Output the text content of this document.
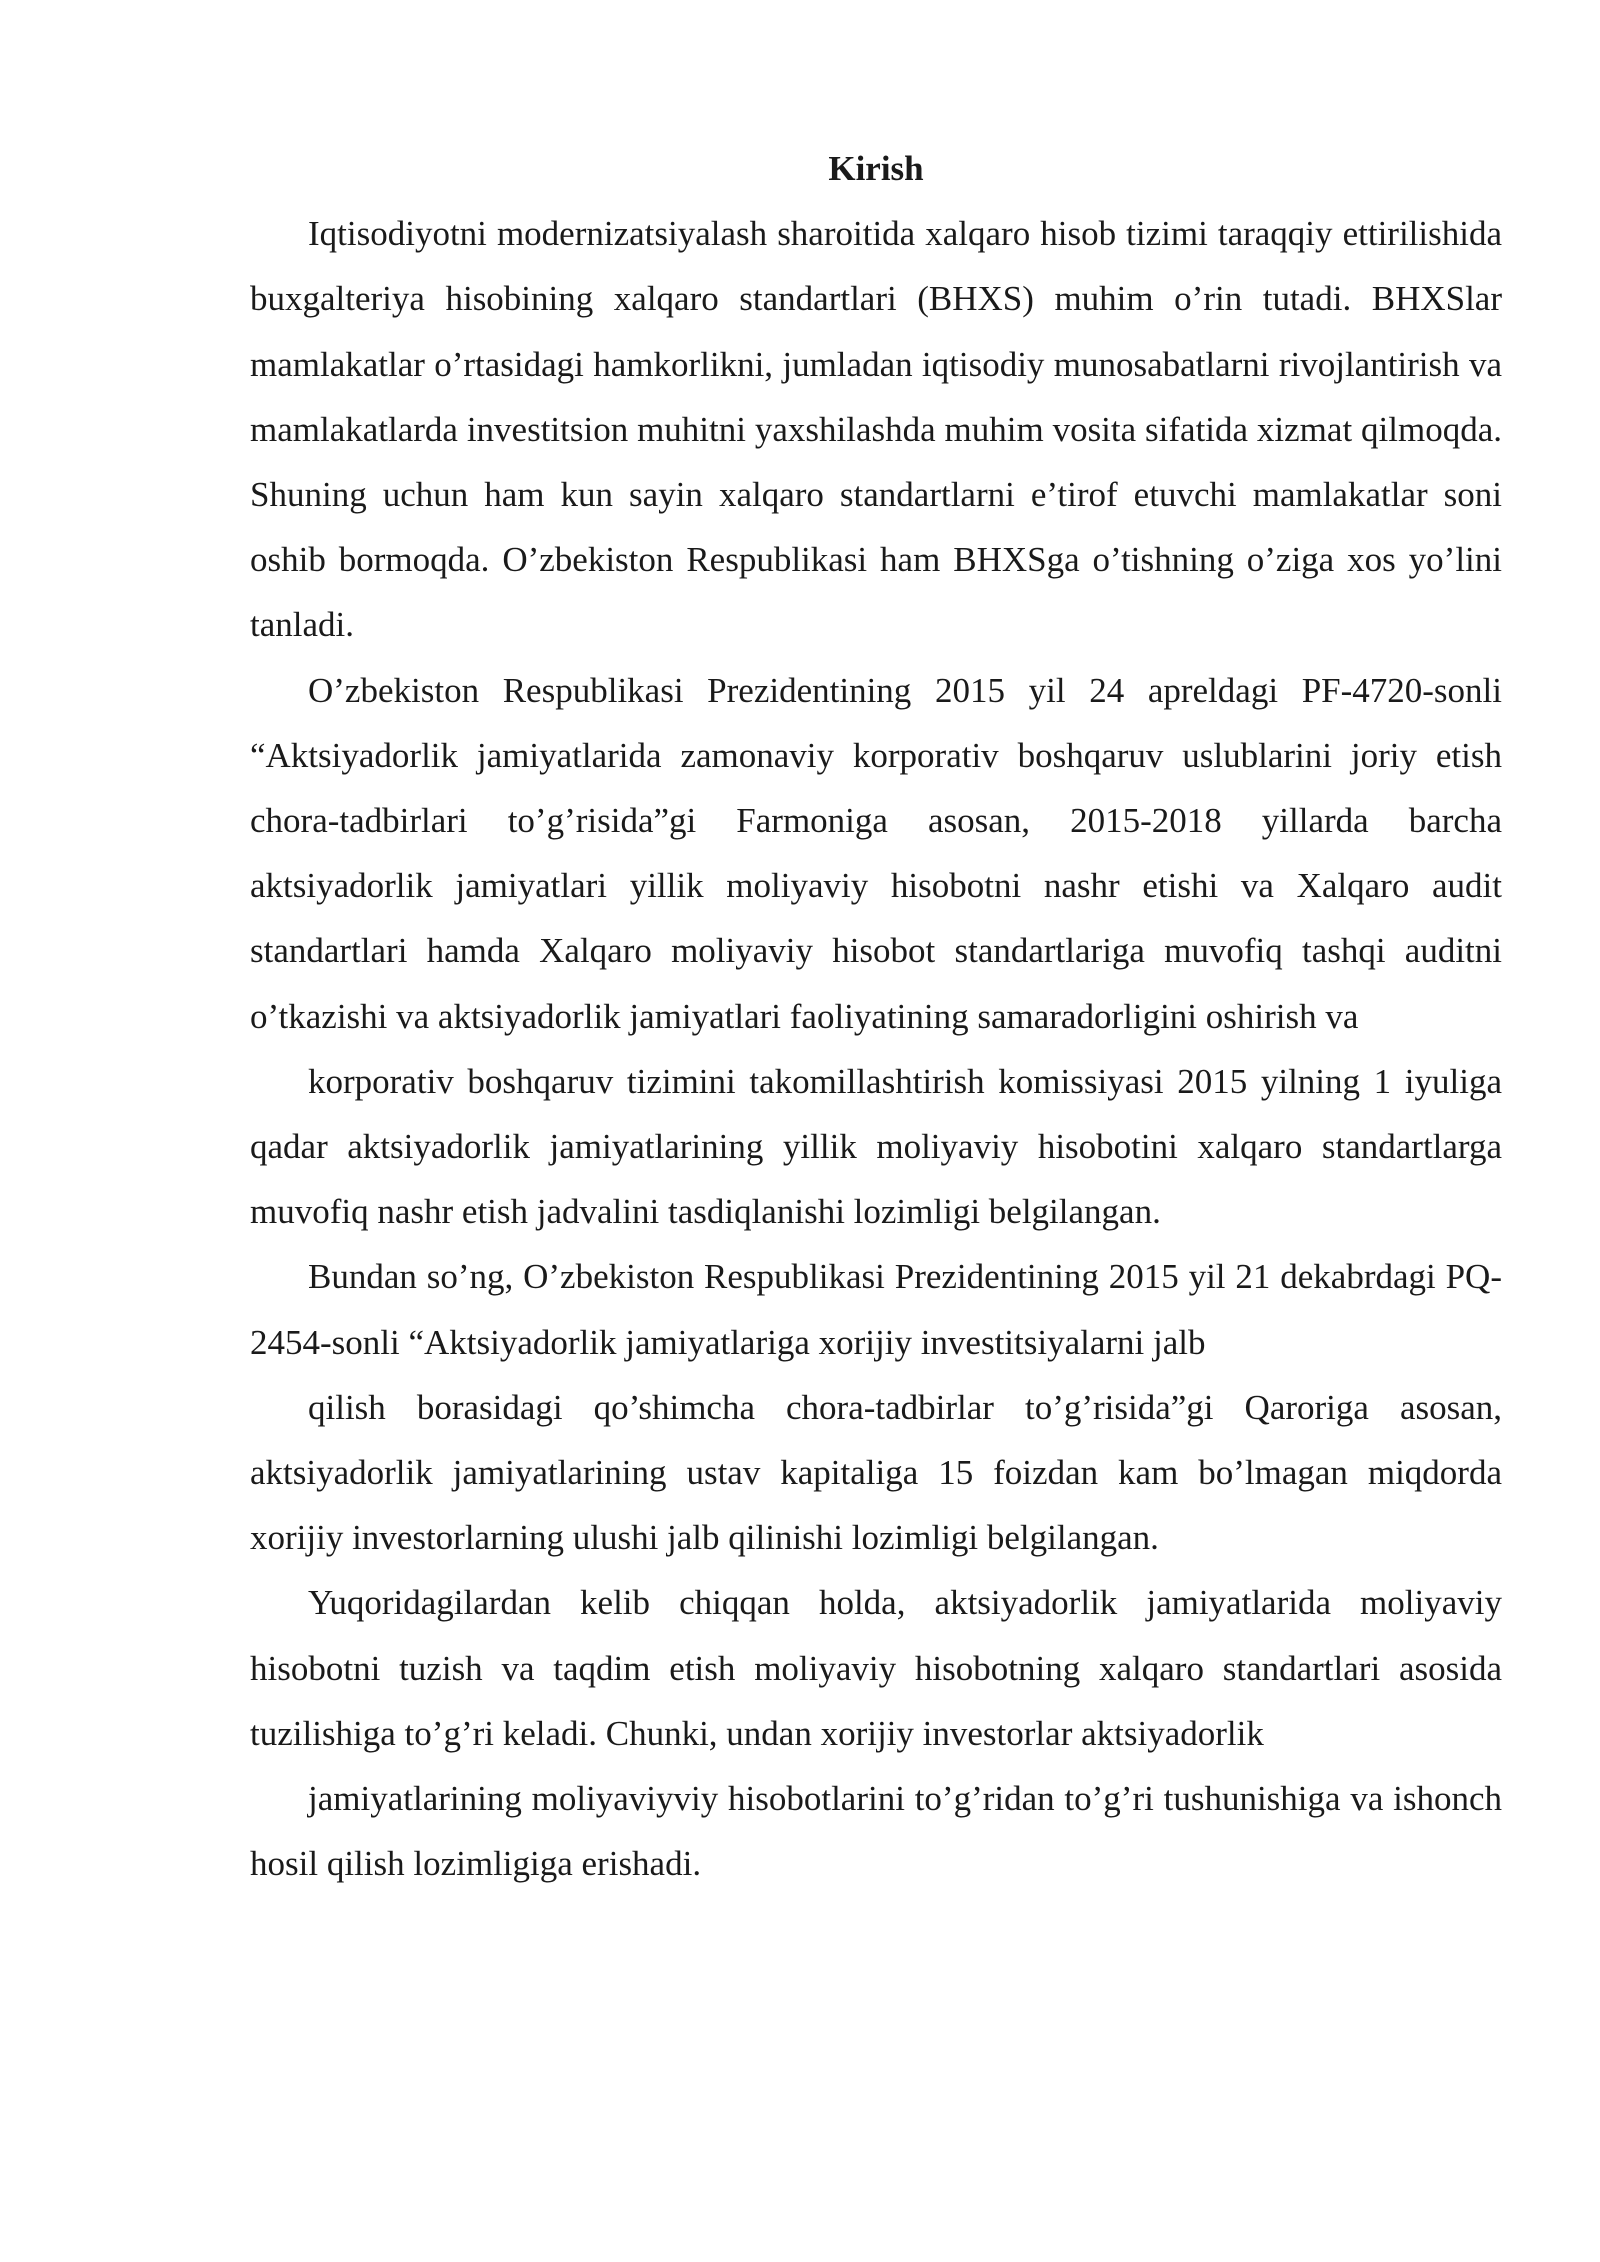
Kirish

Iqtisodiyotni modernizatsiyalash sharoitida xalqaro hisob tizimi taraqqiy ettirilishida buxgalteriya hisobining xalqaro standartlari (BHXS) muhim o’rin tutadi. BHXSlar mamlakatlar o’rtasidagi hamkorlikni, jumladan iqtisodiy munosabatlarni rivojlantirish va mamlakatlarda investitsion muhitni yaxshilashda muhim vosita sifatida xizmat qilmoqda. Shuning uchun ham kun sayin xalqaro standartlarni e’tirof etuvchi mamlakatlar soni oshib bormoqda. O’zbekiston Respublikasi ham BHXSga o’tishning o’ziga xos yo’lini tanladi.

O’zbekiston Respublikasi Prezidentining 2015 yil 24 apreldagi PF-4720-sonli “Aktsiyadorlik jamiyatlarida zamonaviy korporativ boshqaruv uslublarini joriy etish chora-tadbirlari to’g’risida”gi Farmoniga asosan, 2015-2018 yillarda barcha aktsiyadorlik jamiyatlari yillik moliyaviy hisobotni nashr etishi va Xalqaro audit standartlari hamda Xalqaro moliyaviy hisobot standartlariga muvofiq tashqi auditni o’tkazishi va aktsiyadorlik jamiyatlari faoliyatining samaradorligini oshirish va

korporativ boshqaruv tizimini takomillashtirish komissiyasi 2015 yilning 1 iyuliga qadar aktsiyadorlik jamiyatlarining yillik moliyaviy hisobotini xalqaro standartlarga muvofiq nashr etish jadvalini tasdiqlanishi lozimligi belgilangan.

Bundan so’ng, O’zbekiston Respublikasi Prezidentining 2015 yil 21 dekabrdagi PQ-2454-sonli “Aktsiyadorlik jamiyatlariga xorijiy investitsiyalarni jalb

qilish borasidagi qo’shimcha chora-tadbirlar to’g’risida”gi Qaroriga asosan, aktsiyadorlik jamiyatlarining ustav kapitaliga 15 foizdan kam bo’lmagan miqdorda xorijiy investorlarning ulushi jalb qilinishi lozimligi belgilangan.

Yuqoridagilardan kelib chiqqan holda, aktsiyadorlik jamiyatlarida moliyaviy hisobotni tuzish va taqdim etish moliyaviy hisobotning xalqaro standartlari asosida tuzilishiga to’g’ri keladi. Chunki, undan xorijiy investorlar aktsiyadorlik

jamiyatlarining moliyaviyviy hisobotlarini to’g’ridan to’g’ri tushunishiga va ishonch hosil qilish lozimligiga erishadi.
